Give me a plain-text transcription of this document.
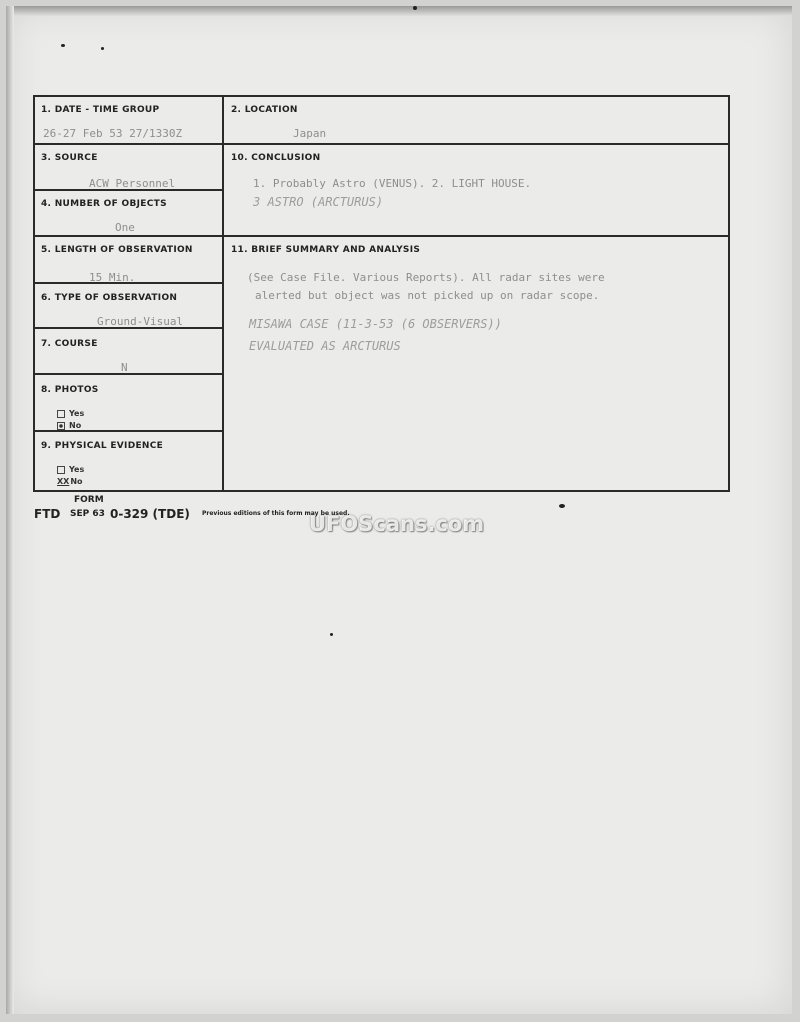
1. DATE - TIME GROUP
26-27 Feb 53 27/1330Z
2. LOCATION
Japan
3. SOURCE
ACW Personnel
10. CONCLUSION
1. Probably Astro (VENUS). 2. LIGHT HOUSE.
3 ASTRO (ARCTURUS)
4. NUMBER OF OBJECTS
One
5. LENGTH OF OBSERVATION
15 Min.
11. BRIEF SUMMARY AND ANALYSIS
(See Case File. Various Reports). All radar sites were
alerted but object was not picked up on radar scope.
MISAWA CASE (11-3-53 (6 OBSERVERS))
EVALUATED AS ARCTURUS
6. TYPE OF OBSERVATION
Ground-Visual
7. COURSE
N
8. PHOTOS
Yes
No
9. PHYSICAL EVIDENCE
Yes
XXNo
FORM
FTD SEP 63 0-329 (TDE) Previous editions of this form may be used.
UFOScans.com
